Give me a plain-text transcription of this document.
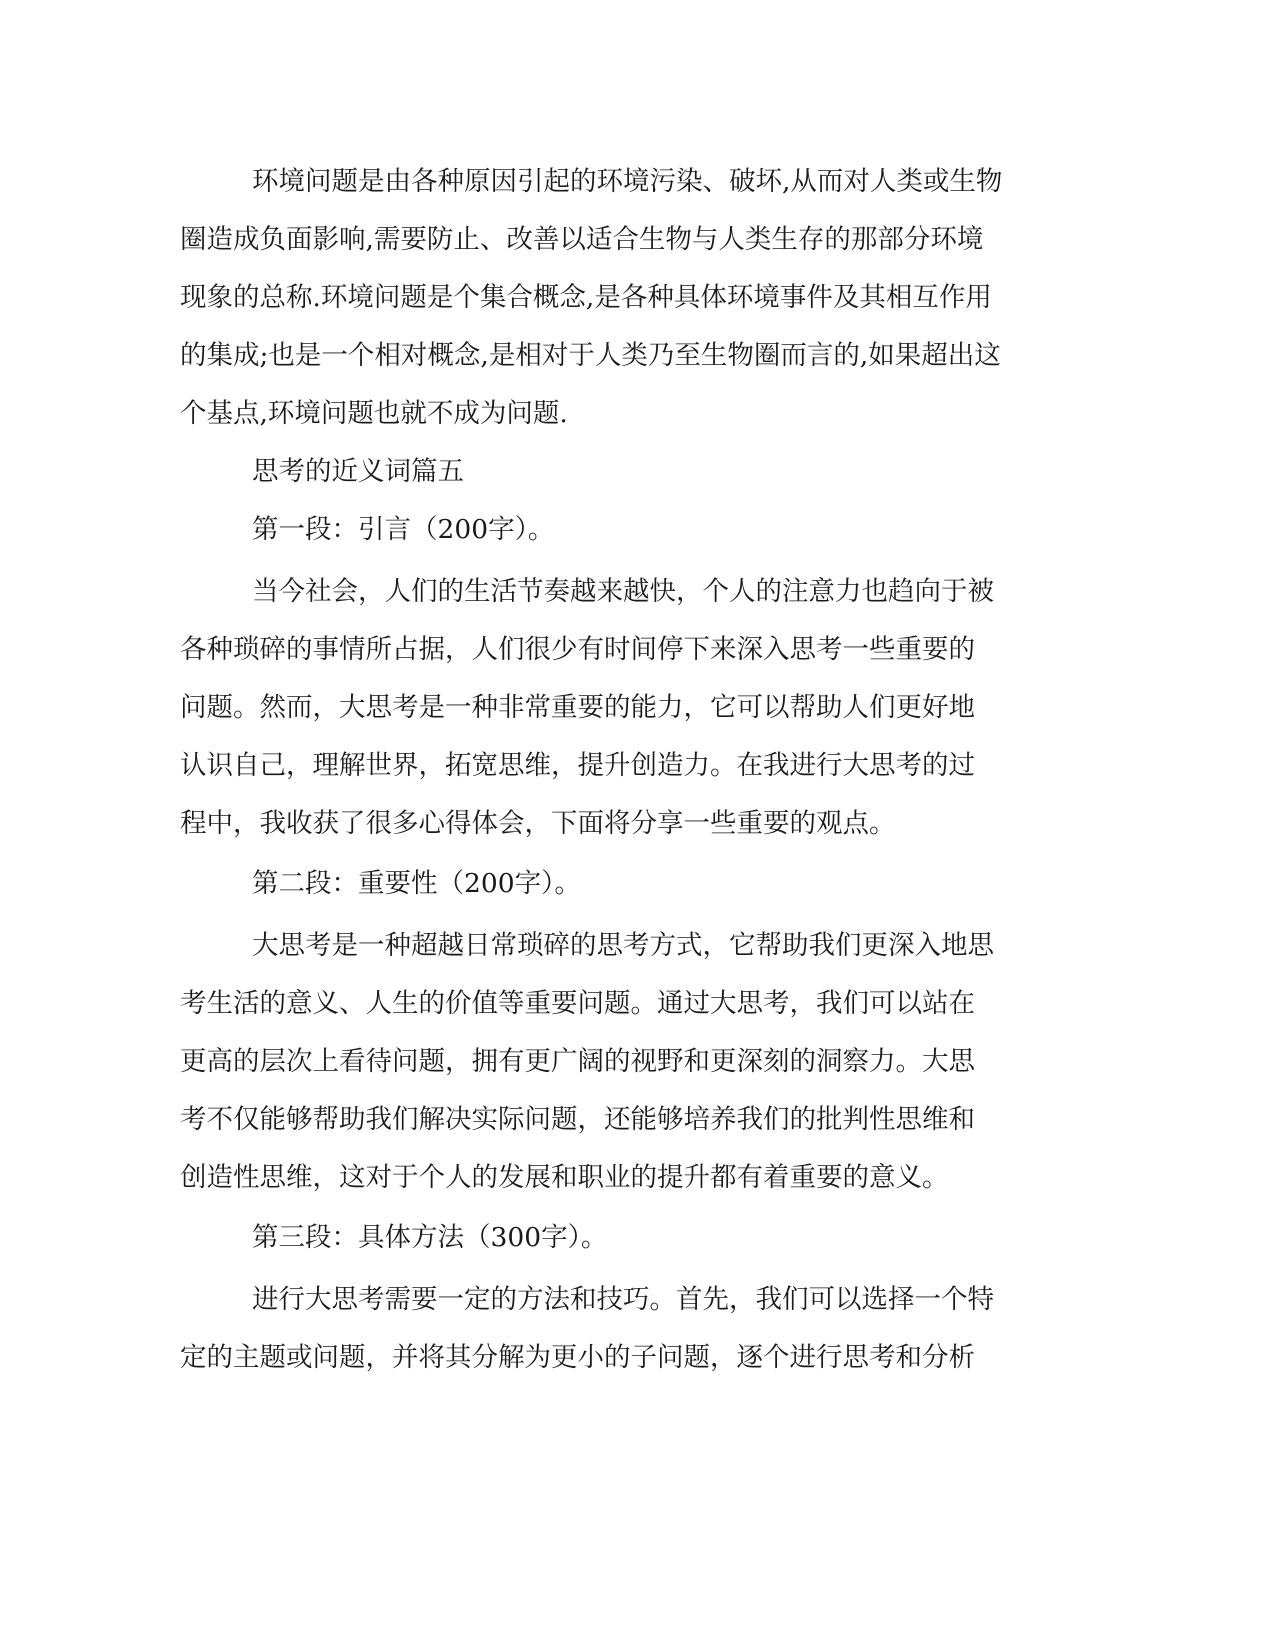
环境问题是由各种原因引起的环境污染、破坏,从而对人类或生物

圈造成负面影响,需要防止、改善以适合生物与人类生存的那部分环境

现象的总称.环境问题是个集合概念,是各种具体环境事件及其相互作用

的集成;也是一个相对概念,是相对于人类乃至生物圈而言的,如果超出这

个基点,环境问题也就不成为问题.

思考的近义词篇五

第一段：引言（200字）。

当今社会，人们的生活节奏越来越快，个人的注意力也趋向于被

各种琐碎的事情所占据，人们很少有时间停下来深入思考一些重要的

问题。然而，大思考是一种非常重要的能力，它可以帮助人们更好地

认识自己，理解世界，拓宽思维，提升创造力。在我进行大思考的过

程中，我收获了很多心得体会，下面将分享一些重要的观点。

第二段：重要性（200字）。

大思考是一种超越日常琐碎的思考方式，它帮助我们更深入地思

考生活的意义、人生的价值等重要问题。通过大思考，我们可以站在

更高的层次上看待问题，拥有更广阔的视野和更深刻的洞察力。大思

考不仅能够帮助我们解决实际问题，还能够培养我们的批判性思维和

创造性思维，这对于个人的发展和职业的提升都有着重要的意义。

第三段：具体方法（300字）。

进行大思考需要一定的方法和技巧。首先，我们可以选择一个特

定的主题或问题，并将其分解为更小的子问题，逐个进行思考和分析
